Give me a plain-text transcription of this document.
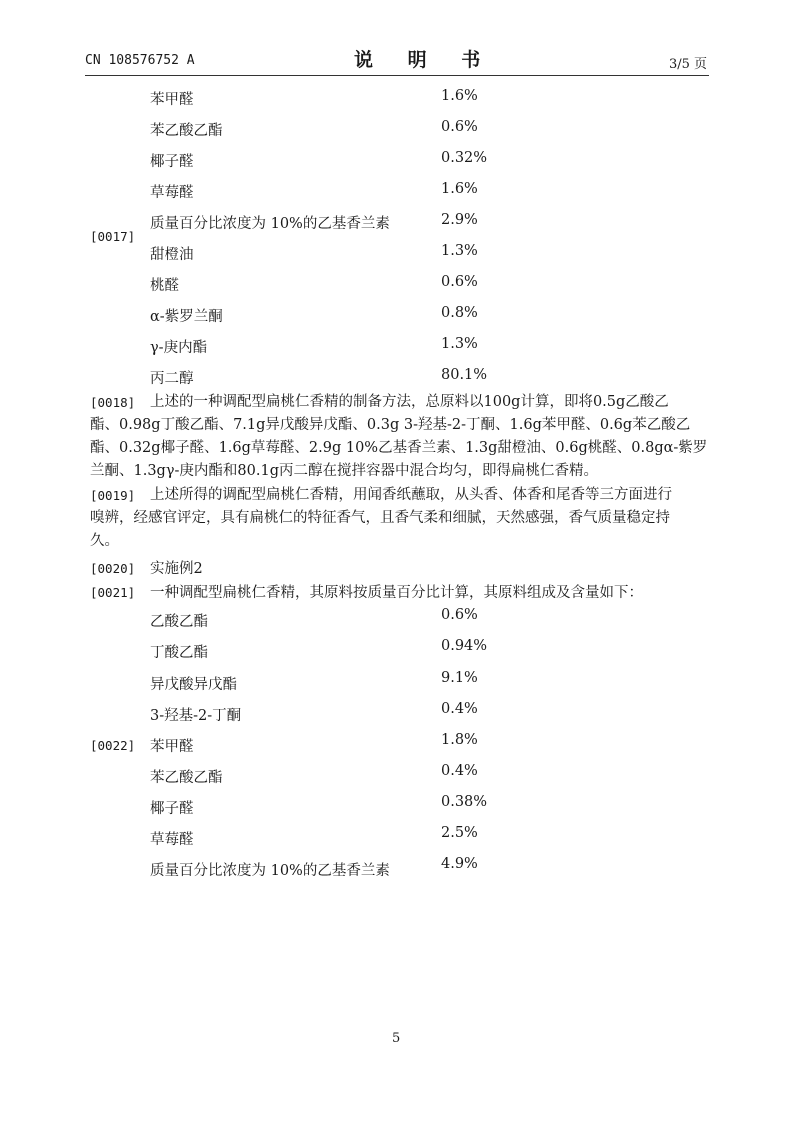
CN 108576752 A	说 明 书	3/5 页
[0017]
苯甲醛	1.6%
苯乙酸乙酯	0.6%
椰子醛	0.32%
草莓醛	1.6%
质量百分比浓度为 10%的乙基香兰素	2.9%
甜橙油	1.3%
桃醛	0.6%
α-紫罗兰酮	0.8%
γ-庚内酯	1.3%
丙二醇	80.1%
[0018]	上述的一种调配型扁桃仁香精的制备方法，总原料以100g计算，即将0.5g乙酸乙
酯、0.98g丁酸乙酯、7.1g异戊酸异戊酯、0.3g 3-羟基-2-丁酮、1.6g苯甲醛、0.6g苯乙酸乙
酯、0.32g椰子醛、1.6g草莓醛、2.9g 10%乙基香兰素、1.3g甜橙油、0.6g桃醛、0.8gα-紫罗
兰酮、1.3gγ-庚内酯和80.1g丙二醇在搅拌容器中混合均匀，即得扁桃仁香精。

[0019]	上述所得的调配型扁桃仁香精，用闻香纸蘸取，从头香、体香和尾香等三方面进行
嗅辨，经感官评定，具有扁桃仁的特征香气，且香气柔和细腻，天然感强，香气质量稳定持
久。

[0020] 实施例2
[0021] 一种调配型扁桃仁香精，其原料按质量百分比计算，其原料组成及含量如下：
[0022]
乙酸乙酯	0.6%
丁酸乙酯	0.94%
异戊酸异戊酯	9.1%
3-羟基-2-丁酮	0.4%
苯甲醛	1.8%
苯乙酸乙酯	0.4%
椰子醛	0.38%
草莓醛	2.5%
质量百分比浓度为 10%的乙基香兰素	4.9%
5
